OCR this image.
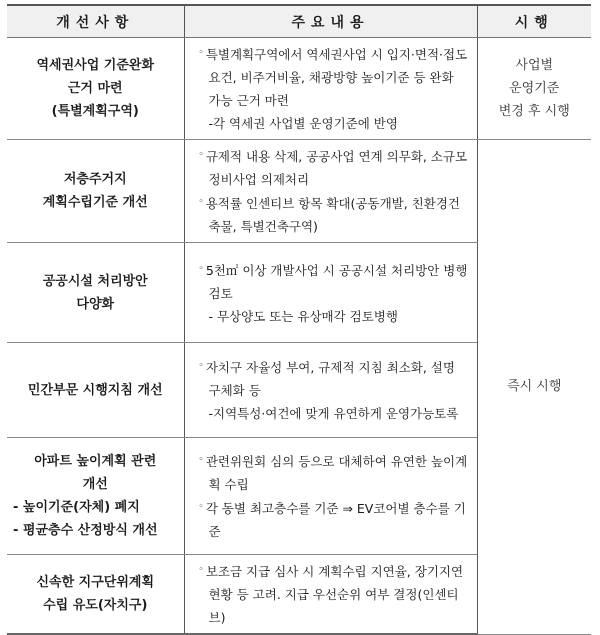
개선사항	주요내용	시행

역세권사업 기준완화
근거 마련
(특별계획구역)	◦ 특별계획구역에서 역세권사업 시 입지·면적·접도요건, 비주거비율, 채광방향 높이기준 등 완화 가능 근거 마련
-각 역세권 사업별 운영기준에 반영	사업별
운영기준
변경 후 시행

저층주거지
계획수립기준 개선	◦ 규제적 내용 삭제, 공공사업 연계 의무화, 소규모정비사업 의제처리
◦ 용적률 인센티브 항목 확대(공동개발, 친환경건축물, 특별건축구역)	즉시 시행

공공시설 처리방안
다양화	◦ 5천㎡ 이상 개발사업 시 공공시설 처리방안 병행검토
- 무상양도 또는 유상매각 검토병행	

민간부문 시행지침 개선	◦ 자치구 자율성 부여, 규제적 지침 최소화, 설명 구체화 등
-지역특성·여건에 맞게 유연하게 운영가능토록	

아파트 높이계획 관련
개선
- 높이기준(자체) 폐지
- 평균층수 산정방식 개선	◦ 관련위원회 심의 등으로 대체하여 유연한 높이계획 수립
◦ 각 동별 최고층수를 기준 ⇒ EV코어별 층수를 기준	

신속한 지구단위계획
수립 유도(자치구)	◦ 보조금 지급 심사 시 계획수립 지연율, 장기지연 현황 등 고려. 지급 우선순위 여부 결정(인센티브)	
